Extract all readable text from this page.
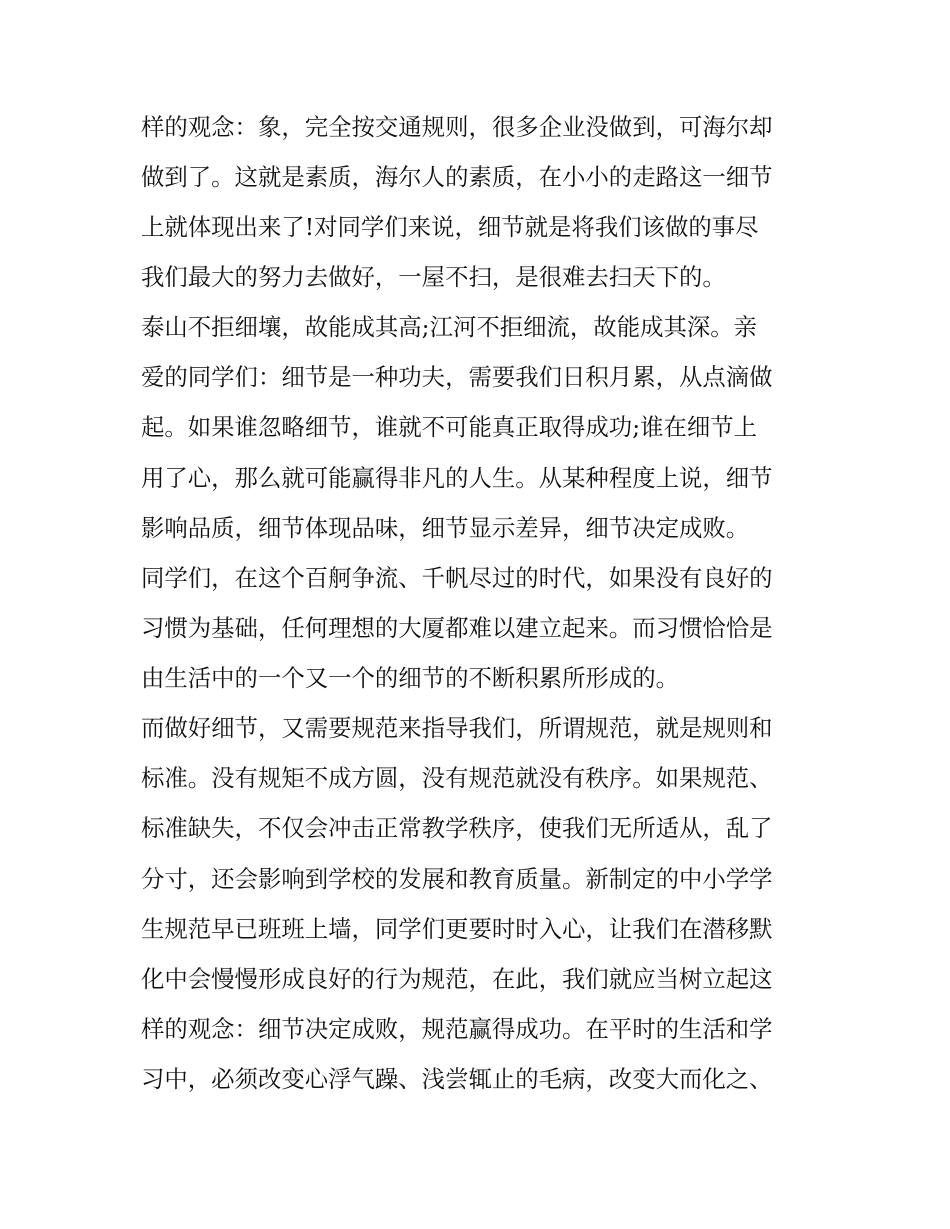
样的观念：象，完全按交通规则，很多企业没做到，可海尔却
做到了。这就是素质，海尔人的素质，在小小的走路这一细节
上就体现出来了!对同学们来说，细节就是将我们该做的事尽
我们最大的努力去做好，一屋不扫，是很难去扫天下的。
泰山不拒细壤，故能成其高;江河不拒细流，故能成其深。亲
爱的同学们：细节是一种功夫，需要我们日积月累，从点滴做
起。如果谁忽略细节，谁就不可能真正取得成功;谁在细节上
用了心，那么就可能赢得非凡的人生。从某种程度上说，细节
影响品质，细节体现品味，细节显示差异，细节决定成败。
同学们，在这个百舸争流、千帆尽过的时代，如果没有良好的
习惯为基础，任何理想的大厦都难以建立起来。而习惯恰恰是
由生活中的一个又一个的细节的不断积累所形成的。
而做好细节，又需要规范来指导我们，所谓规范，就是规则和
标准。没有规矩不成方圆，没有规范就没有秩序。如果规范、
标准缺失，不仅会冲击正常教学秩序，使我们无所适从，乱了
分寸，还会影响到学校的发展和教育质量。新制定的中小学学
生规范早已班班上墙，同学们更要时时入心，让我们在潜移默
化中会慢慢形成良好的行为规范，在此，我们就应当树立起这
样的观念：细节决定成败，规范赢得成功。在平时的生活和学
习中，必须改变心浮气躁、浅尝辄止的毛病，改变大而化之、
